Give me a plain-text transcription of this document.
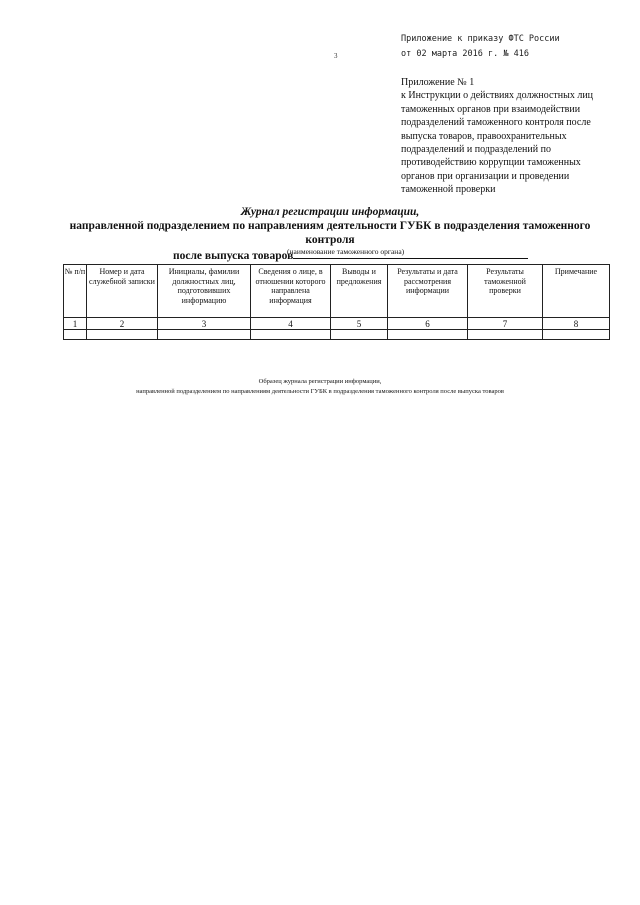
Приложение к приказу ФТС России
от 02 марта 2016 г. № 416
3
Приложение № 1
к Инструкции о действиях должностных лиц
таможенных органов при взаимодействии
подразделений таможенного контроля после
выпуска товаров, правоохранительных
подразделений и подразделений по
противодействию коррупции таможенных
органов при организации и проведении
таможенной проверки
Журнал регистрации информации,
направленной подразделением по направлениям деятельности ГУБК в подразделения таможенного контроля
после выпуска товаров
(наименование таможенного органа)
№ п/п	Номер и дата служебной записки	Инициалы, фамилии должностных лиц, подготовивших информацию	Сведения о лице, в отношении которого направлена информация	Выводы и предложения	Результаты и дата рассмотрения информации	Результаты таможенной проверки	Примечание
1	2	3	4	5	6	7	8

Образец журнала регистрации информации,
направленной подразделением по направлениям деятельности ГУБК в подразделения таможенного контроля после выпуска товаров
